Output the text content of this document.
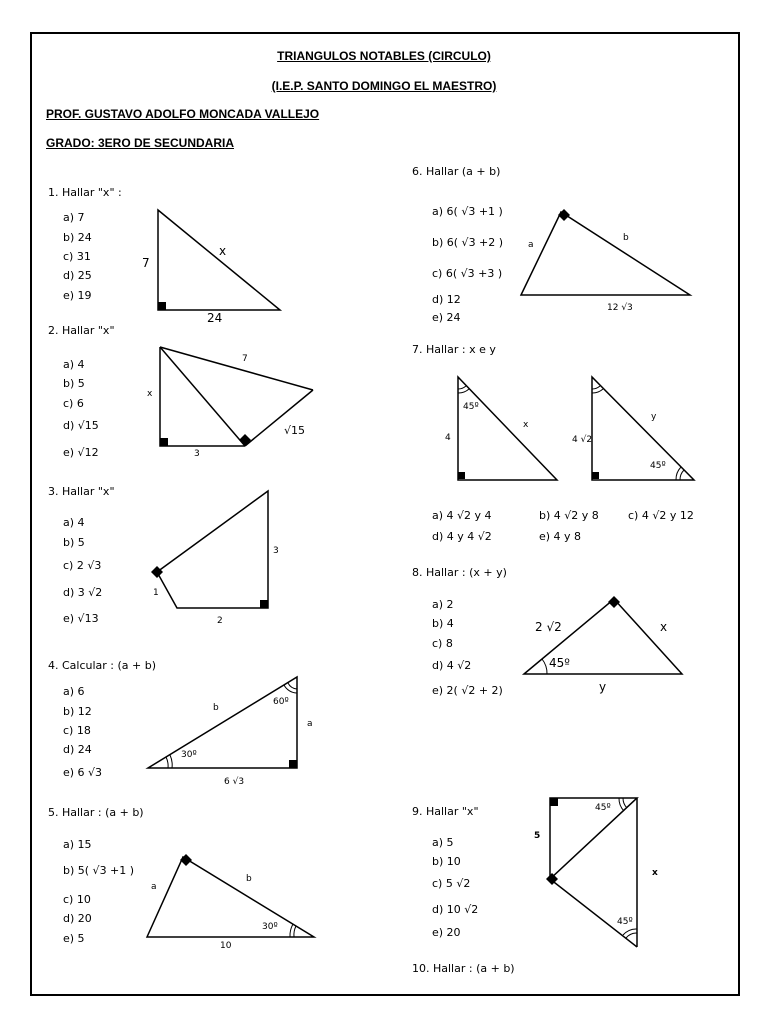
TRIANGULOS NOTABLES (CIRCULO)
(I.E.P. SANTO DOMINGO EL MAESTRO)
PROF. GUSTAVO ADOLFO MONCADA VALLEJO
GRADO: 3ERO DE SECUNDARIA
1. Hallar "x" :
a) 7
b) 24
c) 31
d) 25
e) 19
7
x
24
2. Hallar "x"
a) 4
b) 5
c) 6
d) √15
e) √12
7
x
3
√15
3. Hallar "x"
a) 4
b) 5
c) 2 √3
d) 3 √2
e) √13
3
1
2
4. Calcular : (a + b)
a) 6
b) 12
c) 18
d) 24
e) 6 √3
b
a
60º
30º
6 √3
5. Hallar : (a + b)
a) 15
b) 5( √3 +1 )
c) 10
d) 20
e) 5
a
b
30º
10
6. Hallar (a + b)
a) 6( √3 +1 )
b) 6( √3 +2 )
c) 6( √3 +3 )
d) 12
e) 24
a
b
12 √3
7. Hallar : x e y
45º
4
x
4 √2
y
45º
a) 4 √2 y 4	b) 4 √2 y 8	c) 4 √2 y 12
d) 4 y 4 √2	e) 4 y 8
8. Hallar : (x + y)
a) 2
b) 4
c) 8
d) 4 √2
e) 2( √2 + 2)
2 √2	x
45º
y
9. Hallar "x"
a) 5
b) 10
c) 5 √2
d) 10 √2
e) 20
5
45º
x
45º
10. Hallar : (a + b)
